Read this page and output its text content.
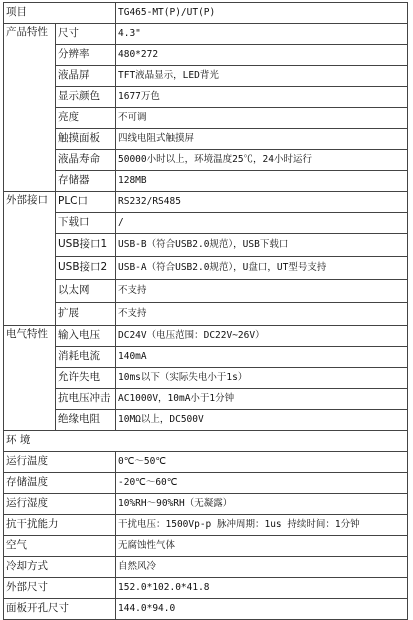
项目		TG465-MT(P)/UT(P)
产品特性	尺寸	4.3"
	分辨率	480*272
	液晶屏	TFT液晶显示，LED背光
	显示颜色	1677万色
	亮度	不可调
	触摸面板	四线电阻式触摸屏
	液晶寿命	50000小时以上，环境温度25℃，24小时运行
	存储器	128MB
外部接口	PLC口	RS232/RS485
	下载口	/
	USB接口1	USB-B（符合USB2.0规范），USB下载口
	USB接口2	USB-A（符合USB2.0规范），U盘口，UT型号支持
	以太网	不支持
	扩展	不支持
电气特性	输入电压	DC24V（电压范围：DC22V~26V）
	消耗电流	140mA
	允许失电	10ms以下（实际失电小于1s）
	抗电压冲击	AC1000V，10mA小于1分钟
	绝缘电阻	10MΩ以上，DC500V
环 境		
运行温度		0℃～50℃
存储温度		-20℃～60℃
运行湿度		10%RH～90%RH（无凝露）
抗干扰能力		干扰电压：1500Vp-p 脉冲周期：1us 持续时间：1分钟
空气		无腐蚀性气体
冷却方式		自然风冷
外部尺寸		152.0*102.0*41.8
面板开孔尺寸		144.0*94.0
